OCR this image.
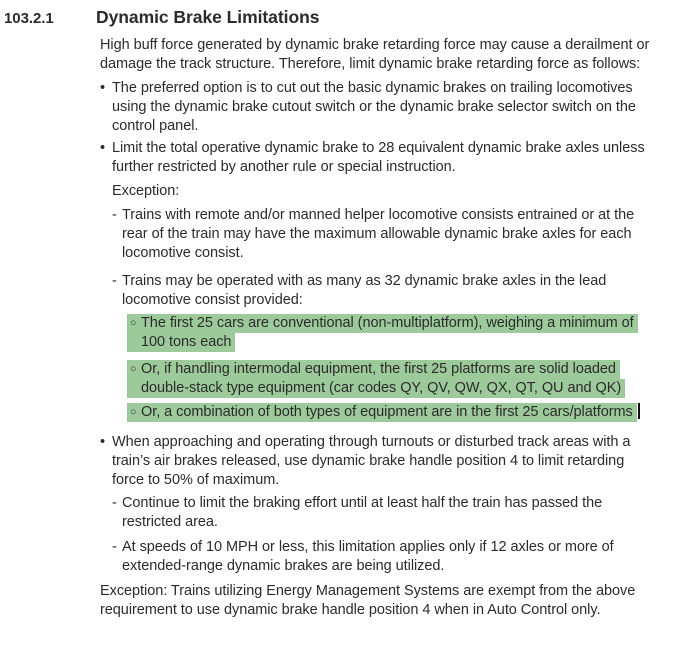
103.2.1	Dynamic Brake Limitations
High buff force generated by dynamic brake retarding force may cause a derailment or
damage the track structure. Therefore, limit dynamic brake retarding force as follows:
• The preferred option is to cut out the basic dynamic brakes on trailing locomotives
using the dynamic brake cutout switch or the dynamic brake selector switch on the
control panel.
• Limit the total operative dynamic brake to 28 equivalent dynamic brake axles unless
further restricted by another rule or special instruction.
Exception:
- Trains with remote and/or manned helper locomotive consists entrained or at the
rear of the train may have the maximum allowable dynamic brake axles for each
locomotive consist.
- Trains may be operated with as many as 32 dynamic brake axles in the lead
locomotive consist provided:
○ The first 25 cars are conventional (non-multiplatform), weighing a minimum of
100 tons each
○ Or, if handling intermodal equipment, the first 25 platforms are solid loaded
double-stack type equipment (car codes QY, QV, QW, QX, QT, QU and QK)
○ Or, a combination of both types of equipment are in the first 25 cars/platforms
• When approaching and operating through turnouts or disturbed track areas with a
train’s air brakes released, use dynamic brake handle position 4 to limit retarding
force to 50% of maximum.
- Continue to limit the braking effort until at least half the train has passed the
restricted area.
- At speeds of 10 MPH or less, this limitation applies only if 12 axles or more of
extended-range dynamic brakes are being utilized.
Exception: Trains utilizing Energy Management Systems are exempt from the above
requirement to use dynamic brake handle position 4 when in Auto Control only.
